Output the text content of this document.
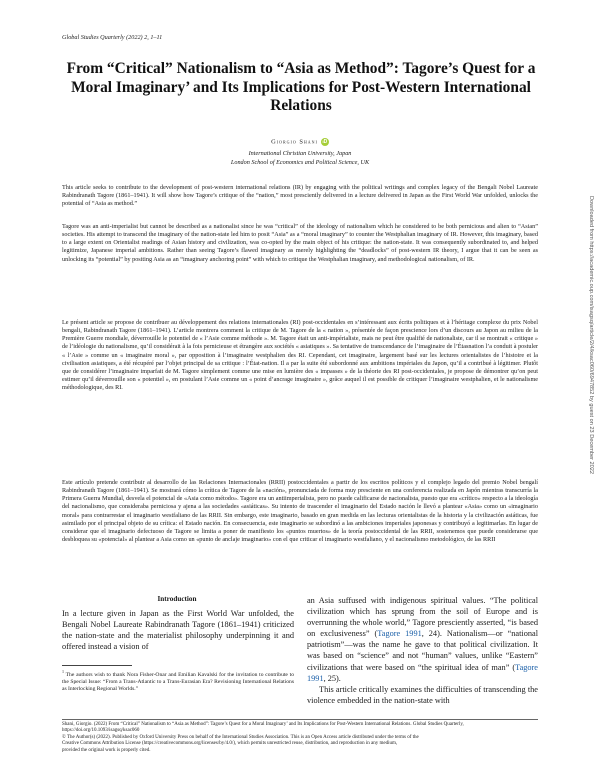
Global Studies Quarterly (2022) 2, 1–11
From “Critical” Nationalism to “Asia as Method”: Tagore’s Quest for a Moral Imaginary’ and Its Implications for Post-Western International Relations
Giorgio Shani iD
International Christian University, Japan
London School of Economics and Political Science, UK

This article seeks to contribute to the development of post-western international relations (IR) by engaging with the political writings and complex legacy of the Bengali Nobel Laureate Rabindranath Tagore (1861–1941). It will show how Tagore’s critique of the “nation,” most presciently delivered in a lecture delivered in Japan as the First World War unfolded, unlocks the potential of “Asia as method.”

Tagore was an anti-imperialist but cannot be described as a nationalist since he was “critical” of the ideology of nationalism which he considered to be both pernicious and alien to “Asian” societies. His attempt to transcend the imaginary of the nation-state led him to posit “Asia” as a “moral imaginary” to counter the Westphalian imaginary of IR. However, this imaginary, based to a large extent on Orientalist readings of Asian history and civilization, was co-opted by the main object of his critique: the nation-state. It was consequently subordinated to, and helped legitimize, Japanese imperial ambitions. Rather than seeing Tagore’s flawed imaginary as merely highlighting the “deadlocks” of post-western IR theory, I argue that it can be seen as unlocking its “potential” by positing Asia as an “imaginary anchoring point” with which to critique the Westphalian imaginary, and methodological nationalism, of IR.

Le présent article se propose de contribuer au développement des relations internationales (RI) post-occidentales en s’intéressant aux écrits politiques et à l’héritage complexe du prix Nobel bengali, Rabindranath Tagore (1861–1941). L’article montrera comment la critique de M. Tagore de la « nation », présentée de façon prescience lors d’un discours au Japon au milieu de la Première Guerre mondiale, déverrouille le potentiel de « l’Asie comme méthode ». M. Tagore était un anti-impérialiste, mais ne peut être qualifié de nationaliste, car il se montrait « critique » de l’idéologie du nationalisme, qu’il considérait à la fois pernicieuse et étrangère aux sociétés « asiatiques ». Sa tentative de transcendance de l’imaginaire de l’Étasnation l’a conduit à postuler « l’Asie » comme un « imaginaire moral », par opposition à l’imaginaire westphalien des RI. Cependant, cet imaginaire, largement basé sur les lectures orientalistes de l’histoire et la civilisation asiatiques, a été récupéré par l’objet principal de sa critique : l’État-nation. Il a par la suite été subordonné aux ambitions impériales du Japon, qu’il a contribué à légitimer. Plutôt que de considérer l’imaginaire imparfait de M. Tagore simplement comme une mise en lumière des « impasses » de la théorie des RI post-occidentales, je propose de démontrer qu’on peut estimer qu’il déverrouille son « potentiel », en postulant l’Asie comme un « point d’ancrage imaginaire », grâce auquel il est possible de critiquer l’imaginaire westphalien, et le nationalisme méthodologique, des RI.

Este artículo pretende contribuir al desarrollo de las Relaciones Internacionales (RRII) postoccidentales a partir de los escritos políticos y el complejo legado del premio Nobel bengalí Rabindranath Tagore (1861–1941). Se mostrará cómo la crítica de Tagore de la «nación», pronunciada de forma muy presciente en una conferencia realizada en Japón mientras transcurría la Primera Guerra Mundial, desvela el potencial de «Asia como método». Tagore era un antiimperialista, pero no puede calificarse de nacionalista, puesto que era «crítico» respecto a la ideología del nacionalismo, que consideraba perniciosa y ajena a las sociedades «asiáticas». Su intento de trascender el imaginario del Estado nación le llevó a plantear «Asia» como un «imaginario moral» para contrarrestar el imaginario westfaliano de las RRII. Sin embargo, este imaginario, basado en gran medida en las lecturas orientalistas de la historia y la civilización asiáticas, fue asimilado por el principal objeto de su crítica: el Estado nación. En consecuencia, este imaginario se subordinó a las ambiciones imperiales japonesas y contribuyó a legitimarlas. En lugar de considerar que el imaginario defectuoso de Tagore se limita a poner de manifiesto los «puntos muertos» de la teoría postoccidental de las RRII, sostenemos que puede considerarse que desbloquea su «potencial» al plantear a Asia como un «punto de anclaje imaginario» con el que criticar el imaginario westfaliano, y el nacionalismo metodológico, de las RRII

Introduction

In a lecture given in Japan as the First World War unfolded, the Bengali Nobel Laureate Rabindranath Tagore (1861–1941) criticized the nation-state and the materialist philosophy underpinning it and offered instead a vision of

an Asia suffused with indigenous spiritual values. “The political civilization which has sprung from the soil of Europe and is overrunning the whole world,” Tagore presciently asserted, “is based on exclusiveness” (Tagore 1991, 24). Nationalism—or “national patriotism”—was the name he gave to that political civilization. It was based on “science” and not “human” values, unlike “Eastern” civilizations that were based on “the spiritual idea of man” (Tagore 1991, 25).

This article critically examines the difficulties of transcending the violence embedded in the nation-state with

$^1$ The authors wish to thank Nora Fisher-Onar and Emilian Kavalski for the invitation to contribute to the Special Issue: “From a Trans-Atlantic to a Trans-Eurasian Era? Revisioning International Relations as Interlocking Regional Worlds.”

Shani, Giorgio. (2022) From “Critical” Nationalism to “Asia as Method”: Tagore’s Quest for a Moral Imaginary’ and Its Implications for Post-Western International Relations. Global Studies Quarterly, https://doi.org/10.1093/isagsq/ksac060
© The Author(s) (2022). Published by Oxford University Press on behalf of the International Studies Association. This is an Open Access article distributed under the terms of the
Creative Commons Attribution License (https://creativecommons.org/licenses/by/4.0/), which permits unrestricted reuse, distribution, and reproduction in any medium,
provided the original work is properly cited.
Downloaded from https://academic.oup.com/isagsq/article/2/4/ksac060/6947852 by guest on 23 December 2022
